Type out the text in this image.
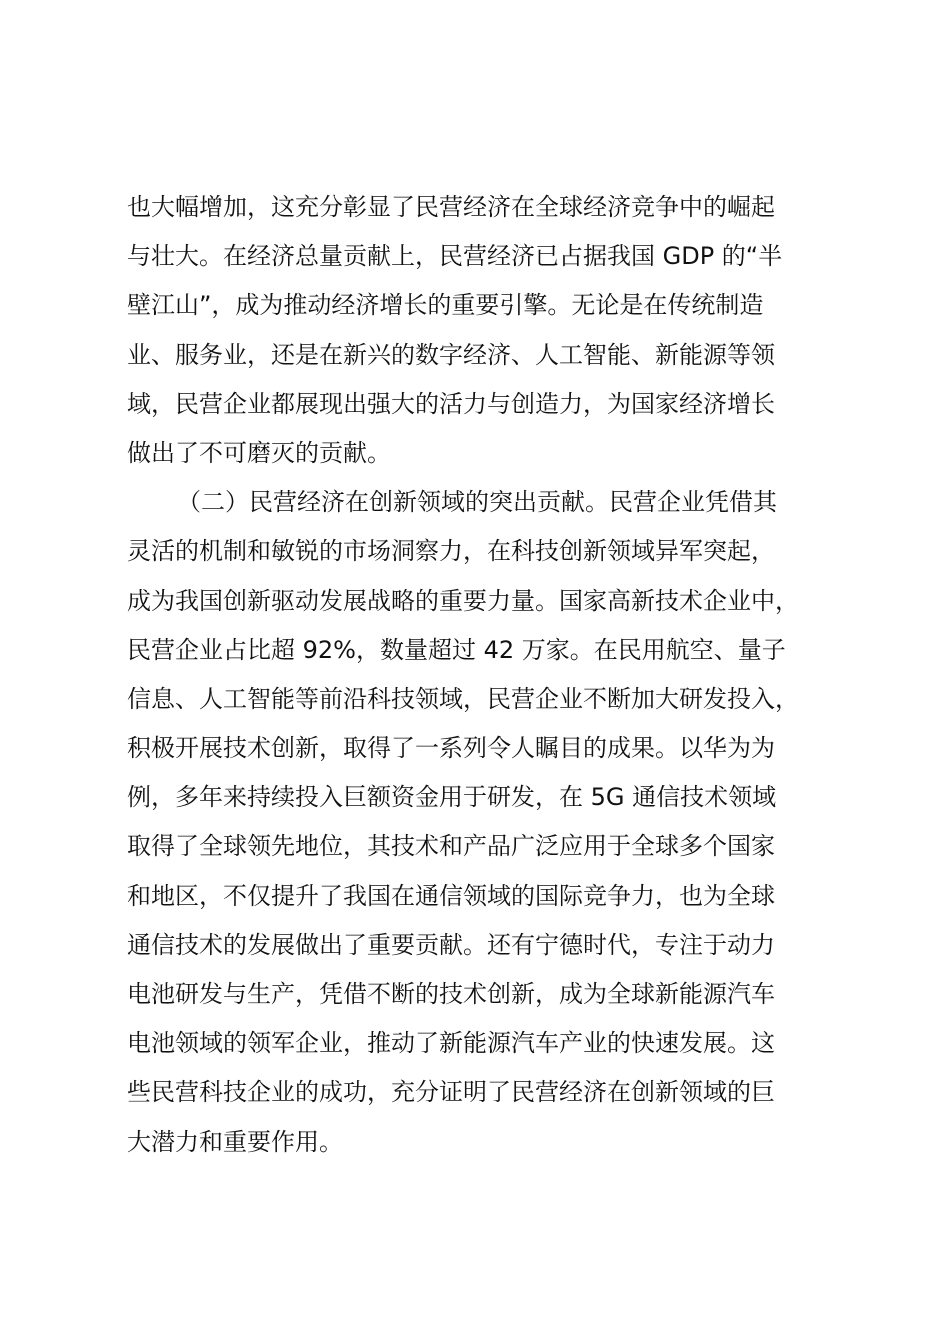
也大幅增加，这充分彰显了民营经济在全球经济竞争中的崛起
与壮大。在经济总量贡献上，民营经济已占据我国 GDP 的“半
壁江山”，成为推动经济增长的重要引擎。无论是在传统制造
业、服务业，还是在新兴的数字经济、人工智能、新能源等领
域，民营企业都展现出强大的活力与创造力，为国家经济增长
做出了不可磨灭的贡献。
（二）民营经济在创新领域的突出贡献。民营企业凭借其
灵活的机制和敏锐的市场洞察力，在科技创新领域异军突起，
成为我国创新驱动发展战略的重要力量。国家高新技术企业中，
民营企业占比超 92%，数量超过 42 万家。在民用航空、量子
信息、人工智能等前沿科技领域，民营企业不断加大研发投入，
积极开展技术创新，取得了一系列令人瞩目的成果。以华为为
例，多年来持续投入巨额资金用于研发，在 5G 通信技术领域
取得了全球领先地位，其技术和产品广泛应用于全球多个国家
和地区，不仅提升了我国在通信领域的国际竞争力，也为全球
通信技术的发展做出了重要贡献。还有宁德时代，专注于动力
电池研发与生产，凭借不断的技术创新，成为全球新能源汽车
电池领域的领军企业，推动了新能源汽车产业的快速发展。这
些民营科技企业的成功，充分证明了民营经济在创新领域的巨
大潜力和重要作用。
